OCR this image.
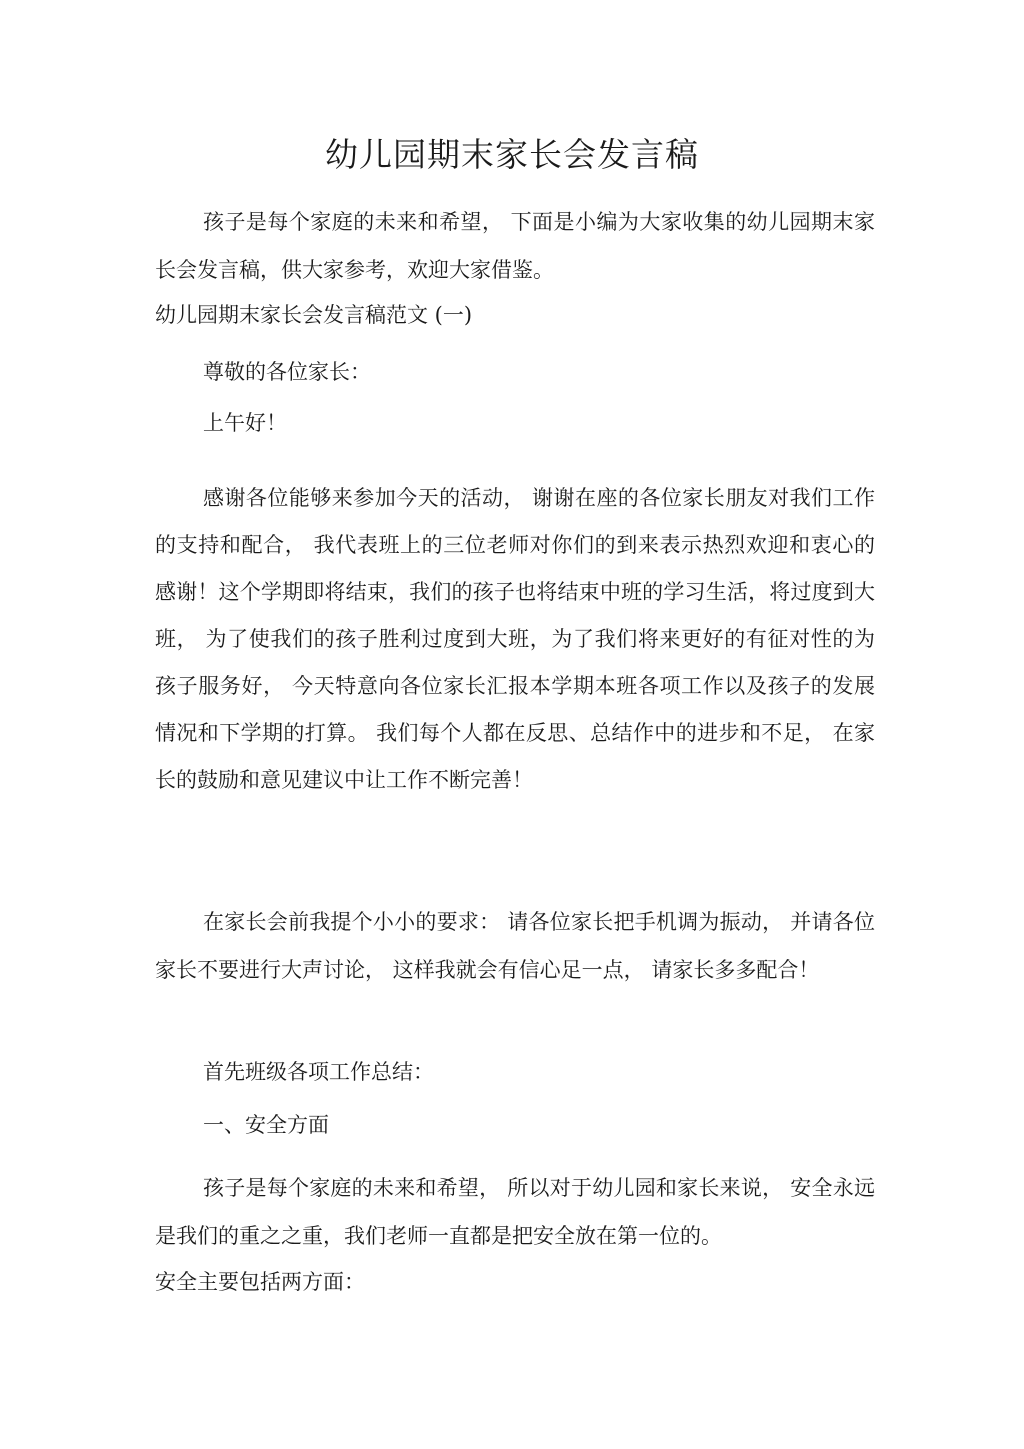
幼儿园期末家长会发言稿

孩子是每个家庭的未来和希望， 下面是小编为大家收集的幼儿园期末家长会发言稿，供大家参考，欢迎大家借鉴。

幼儿园期末家长会发言稿范文 (一)

尊敬的各位家长：

上午好！

感谢各位能够来参加今天的活动， 谢谢在座的各位家长朋友对我们工作的支持和配合， 我代表班上的三位老师对你们的到来表示热烈欢迎和衷心的感谢！这个学期即将结束，我们的孩子也将结束中班的学习生活，将过度到大班， 为了使我们的孩子胜利过度到大班，为了我们将来更好的有征对性的为孩子服务好， 今天特意向各位家长汇报本学期本班各项工作以及孩子的发展情况和下学期的打算。 我们每个人都在反思、总结作中的进步和不足， 在家长的鼓励和意见建议中让工作不断完善！

在家长会前我提个小小的要求： 请各位家长把手机调为振动， 并请各位家长不要进行大声讨论， 这样我就会有信心足一点， 请家长多多配合！

首先班级各项工作总结：

一、安全方面

孩子是每个家庭的未来和希望， 所以对于幼儿园和家长来说， 安全永远是我们的重之之重，我们老师一直都是把安全放在第一位的。

安全主要包括两方面：
